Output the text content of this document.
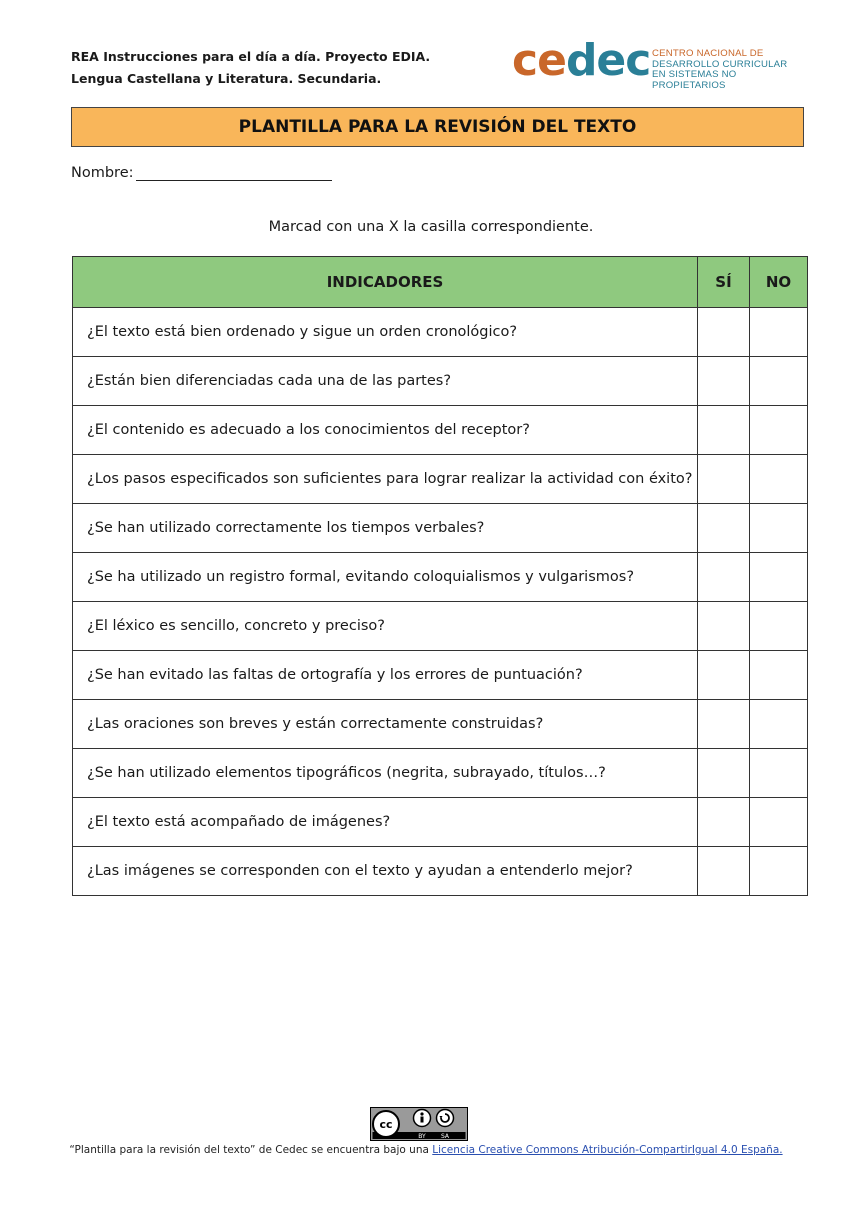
REA Instrucciones para el día a día. Proyecto EDIA.
Lengua Castellana y Literatura. Secundaria.	cedec CENTRO NACIONAL DE
DESARROLLO CURRICULAR
EN SISTEMAS NO PROPIETARIOS
PLANTILLA PARA LA REVISIÓN DEL TEXTO
Nombre:
Marcad con una X la casilla correspondiente.
INDICADORES	SÍ	NO
¿El texto está bien ordenado y sigue un orden cronológico?		
¿Están bien diferenciadas cada una de las partes?		
¿El contenido es adecuado a los conocimientos del receptor?		
¿Los pasos especificados son suficientes para lograr realizar la actividad con éxito?		
¿Se han utilizado correctamente los tiempos verbales?		
¿Se ha utilizado un registro formal, evitando coloquialismos y vulgarismos?		
¿El léxico es sencillo, concreto y preciso?		
¿Se han evitado las faltas de ortografía y los errores de puntuación?		
¿Las oraciones son breves y están correctamente construidas?		
¿Se han utilizado elementos tipográficos (negrita, subrayado, títulos…?		
¿El texto está acompañado de imágenes?		
¿Las imágenes se corresponden con el texto y ayudan a entenderlo mejor?		
cc
BY	SA
“Plantilla para la revisión del texto” de Cedec se encuentra bajo una Licencia Creative Commons Atribución-CompartirIgual 4.0 España.
